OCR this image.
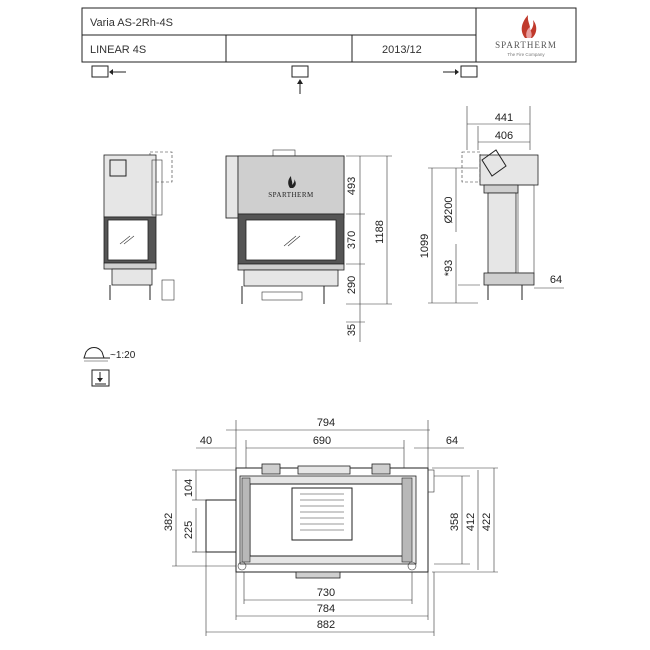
Varia AS-2Rh-4S
LINEAR 4S	2013/12	SPARTHERM
The Fire Company
SPARTHERM	493
370
290
1188
35
441
406
1099
Ø200
*93
64
~1:20
794
40	690	64
382
104
225	358 412 422
730
784
882
